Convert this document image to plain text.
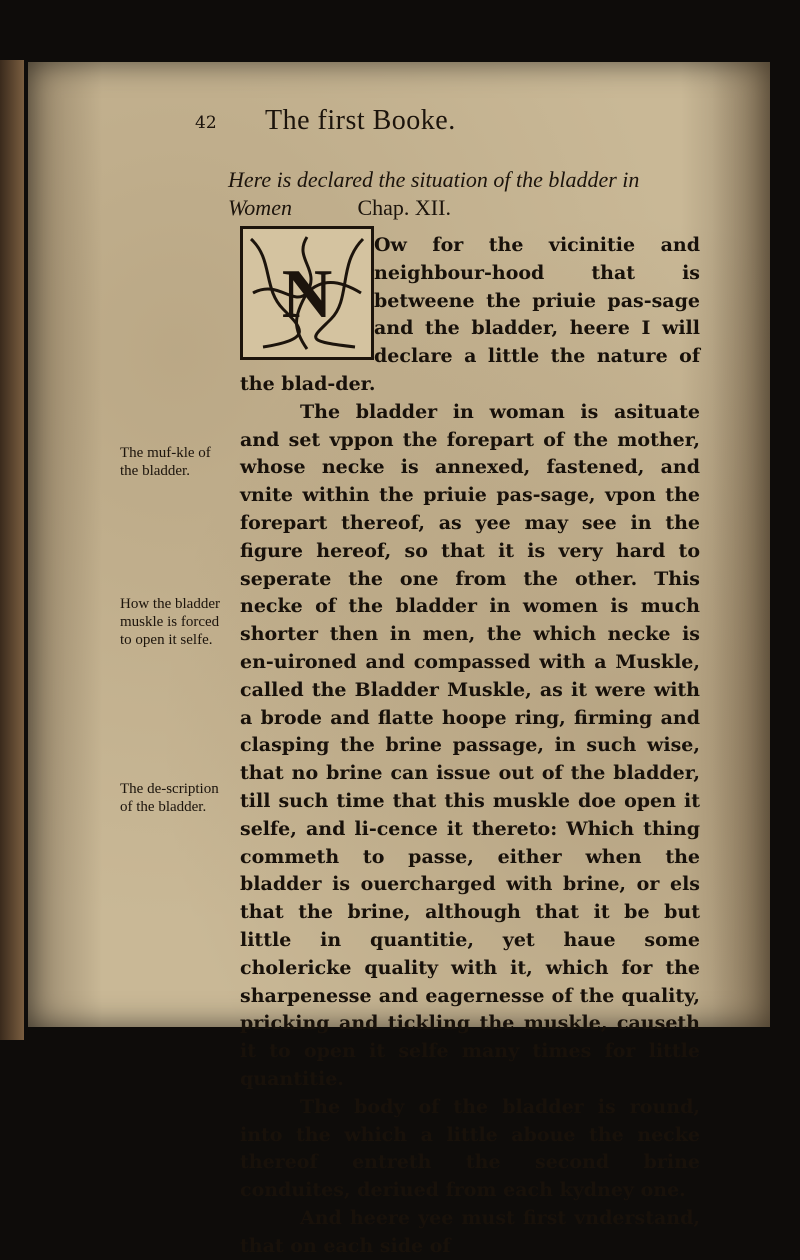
42 The first Booke.
Here is declared the situation of the bladder in
Women	Chap. XII.
N

Ow for the vicinitie and neighbour-hood that is betweene the priuie pas-sage and the bladder, heere I will declare a little the nature of the blad-der.

The bladder in woman is asituate and set vppon the forepart of the mother, whose necke is annexed, fastened, and vnite within the priuie pas-sage, vpon the forepart thereof, as yee may see in the figure hereof, so that it is very hard to seperate the one from the other. This necke of the bladder in women is much shorter then in men, the which necke is en-uironed and compassed with a Muskle, called the Bladder Muskle, as it were with a brode and flatte hoope ring, firming and clasping the brine passage, in such wise, that no brine can issue out of the bladder, till such time that this muskle doe open it selfe, and li-cence it thereto: Which thing commeth to passe, either when the bladder is ouercharged with brine, or els that the brine, although that it be but little in quantitie, yet haue some cholericke quality with it, which for the sharpenesse and eagernesse of the quality, pricking and tickling the muskle, causeth it to open it selfe many times for little quantitie.

The body of the bladder is round, into the which a little aboue the necke thereof entreth the second brine conduites, deriued from each kydney one.

And heere yee must first vnderstand, that on each side of

The muf-kle of the bladder.
How the bladder muskle is forced to open it selfe.
The de-scription of the bladder.
